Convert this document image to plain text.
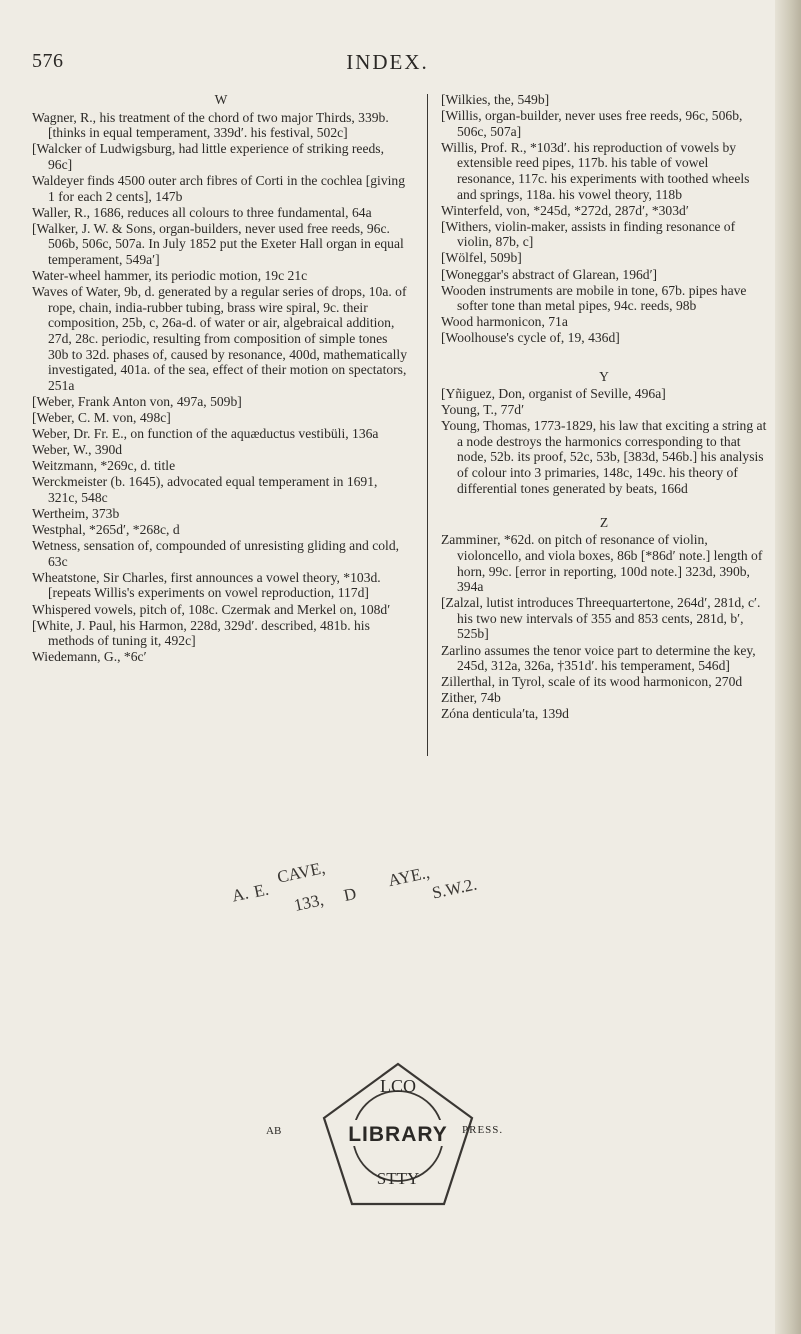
576	INDEX.
W

Wagner, R., his treatment of the chord of two major Thirds, 339b. [thinks in equal temperament, 339d′. his festival, 502c]

[Walcker of Ludwigsburg, had little experience of striking reeds, 96c]

Waldeyer finds 4500 outer arch fibres of Corti in the cochlea [giving 1 for each 2 cents], 147b

Waller, R., 1686, reduces all colours to three fundamental, 64a

[Walker, J. W. & Sons, organ-builders, never used free reeds, 96c. 506b, 506c, 507a. In July 1852 put the Exeter Hall organ in equal temperament, 549a′]

Water-wheel hammer, its periodic motion, 19c 21c

Waves of Water, 9b, d. generated by a regular series of drops, 10a. of rope, chain, india-rubber tubing, brass wire spiral, 9c. their composition, 25b, c, 26a-d. of water or air, algebraical addition, 27d, 28c. periodic, resulting from composition of simple tones 30b to 32d. phases of, caused by resonance, 400d, mathematically investigated, 401a. of the sea, effect of their motion on spectators, 251a

[Weber, Frank Anton von, 497a, 509b]

[Weber, C. M. von, 498c]

Weber, Dr. Fr. E., on function of the aquæductus vestibüli, 136a

Weber, W., 390d

Weitzmann, *269c, d. title

Werckmeister (b. 1645), advocated equal temperament in 1691, 321c, 548c

Wertheim, 373b

Westphal, *265d′, *268c, d

Wetness, sensation of, compounded of unresisting gliding and cold, 63c

Wheatstone, Sir Charles, first announces a vowel theory, *103d. [repeats Willis's experiments on vowel reproduction, 117d]

Whispered vowels, pitch of, 108c. Czermak and Merkel on, 108d′

[White, J. Paul, his Harmon, 228d, 329d′. described, 481b. his methods of tuning it, 492c]

Wiedemann, G., *6c′

[Wilkies, the, 549b]

[Willis, organ-builder, never uses free reeds, 96c, 506b, 506c, 507a]

Willis, Prof. R., *103d′. his reproduction of vowels by extensible reed pipes, 117b. his table of vowel resonance, 117c. his experiments with toothed wheels and springs, 118a. his vowel theory, 118b

Winterfeld, von, *245d, *272d, 287d′, *303d′

[Withers, violin-maker, assists in finding resonance of violin, 87b, c]

[Wölfel, 509b]

[Woneggar's abstract of Glarean, 196d′]

Wooden instruments are mobile in tone, 67b. pipes have softer tone than metal pipes, 94c. reeds, 98b

Wood harmonicon, 71a

[Woolhouse's cycle of, 19, 436d]

Y

[Yñiguez, Don, organist of Seville, 496a]

Young, T., 77d′

Young, Thomas, 1773-1829, his law that exciting a string at a node destroys the harmonics corresponding to that node, 52b. its proof, 52c, 53b, [383d, 546b.] his analysis of colour into 3 primaries, 148c, 149c. his theory of differential tones generated by beats, 166d

Z

Zamminer, *62d. on pitch of resonance of violin, violoncello, and viola boxes, 86b [*86d′ note.] length of horn, 99c. [error in reporting, 100d note.] 323d, 390b, 394a

[Zalzal, lutist introduces Threequartertone, 264d′, 281d, c′. his two new intervals of 355 and 853 cents, 281d, b′, 525b]

Zarlino assumes the tenor voice part to determine the key, 245d, 312a, 326a, †351d′. his temperament, 546d]

Zillerthal, in Tyrol, scale of its wood harmonicon, 270d

Zither, 74b

Zóna denticula′ta, 139d

A. E.
CAVE,
133, D
AYE., S.W.2.
LCO
LIBRARY
STTY
AB	PRESS.
